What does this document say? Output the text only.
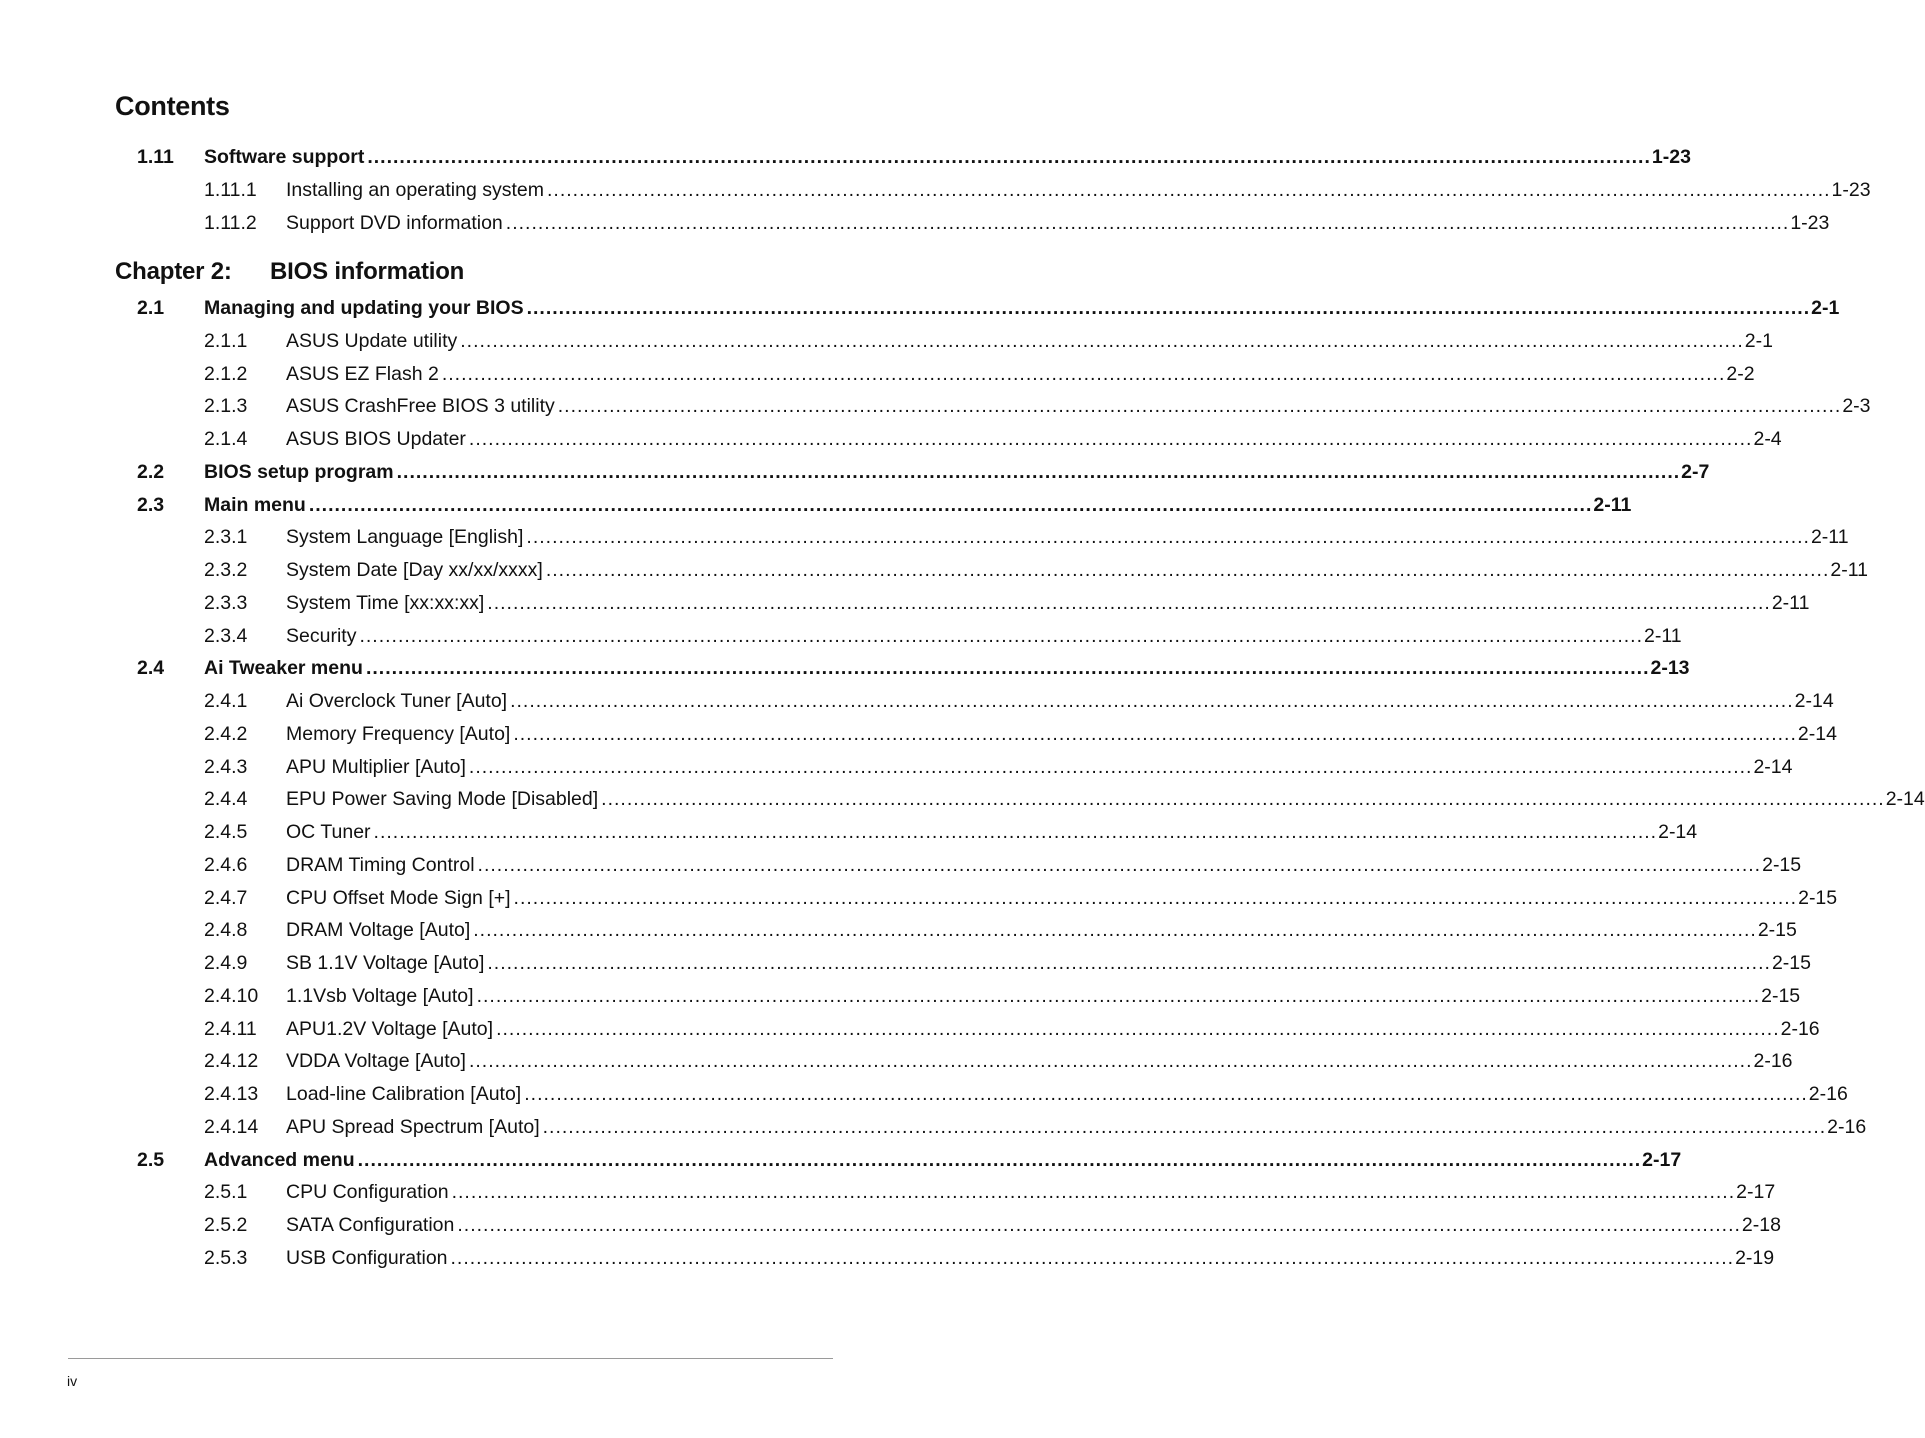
Contents
1.11 Software support ........................................................................................................................................................................................................ 1-23
1.11.1 Installing an operating system ........................................................................................................................................................................................................ 1-23
1.11.2 Support DVD information ........................................................................................................................................................................................................ 1-23
Chapter 2: BIOS information
2.1 Managing and updating your BIOS ........................................................................................................................................................................................................ 2-1
2.1.1 ASUS Update utility ........................................................................................................................................................................................................ 2-1
2.1.2 ASUS EZ Flash 2 ........................................................................................................................................................................................................ 2-2
2.1.3 ASUS CrashFree BIOS 3 utility ........................................................................................................................................................................................................ 2-3
2.1.4 ASUS BIOS Updater ........................................................................................................................................................................................................ 2-4
2.2 BIOS setup program ........................................................................................................................................................................................................ 2-7
2.3 Main menu ........................................................................................................................................................................................................ 2-11
2.3.1 System Language [English] ........................................................................................................................................................................................................ 2-11
2.3.2 System Date [Day xx/xx/xxxx] ........................................................................................................................................................................................................ 2-11
2.3.3 System Time [xx:xx:xx] ........................................................................................................................................................................................................ 2-11
2.3.4 Security ........................................................................................................................................................................................................ 2-11
2.4 Ai Tweaker menu ........................................................................................................................................................................................................ 2-13
2.4.1 Ai Overclock Tuner [Auto] ........................................................................................................................................................................................................ 2-14
2.4.2 Memory Frequency [Auto] ........................................................................................................................................................................................................ 2-14
2.4.3 APU Multiplier [Auto] ........................................................................................................................................................................................................ 2-14
2.4.4 EPU Power Saving Mode [Disabled] ........................................................................................................................................................................................................ 2-14
2.4.5 OC Tuner ........................................................................................................................................................................................................ 2-14
2.4.6 DRAM Timing Control ........................................................................................................................................................................................................ 2-15
2.4.7 CPU Offset Mode Sign [+] ........................................................................................................................................................................................................ 2-15
2.4.8 DRAM Voltage [Auto] ........................................................................................................................................................................................................ 2-15
2.4.9 SB 1.1V Voltage [Auto] ........................................................................................................................................................................................................ 2-15
2.4.10 1.1Vsb Voltage [Auto] ........................................................................................................................................................................................................ 2-15
2.4.11 APU1.2V Voltage [Auto] ........................................................................................................................................................................................................ 2-16
2.4.12 VDDA Voltage [Auto] ........................................................................................................................................................................................................ 2-16
2.4.13 Load-line Calibration [Auto] ........................................................................................................................................................................................................ 2-16
2.4.14 APU Spread Spectrum [Auto] ........................................................................................................................................................................................................ 2-16
2.5 Advanced menu ........................................................................................................................................................................................................ 2-17
2.5.1 CPU Configuration ........................................................................................................................................................................................................ 2-17
2.5.2 SATA Configuration ........................................................................................................................................................................................................ 2-18
2.5.3 USB Configuration ........................................................................................................................................................................................................ 2-19
iv
